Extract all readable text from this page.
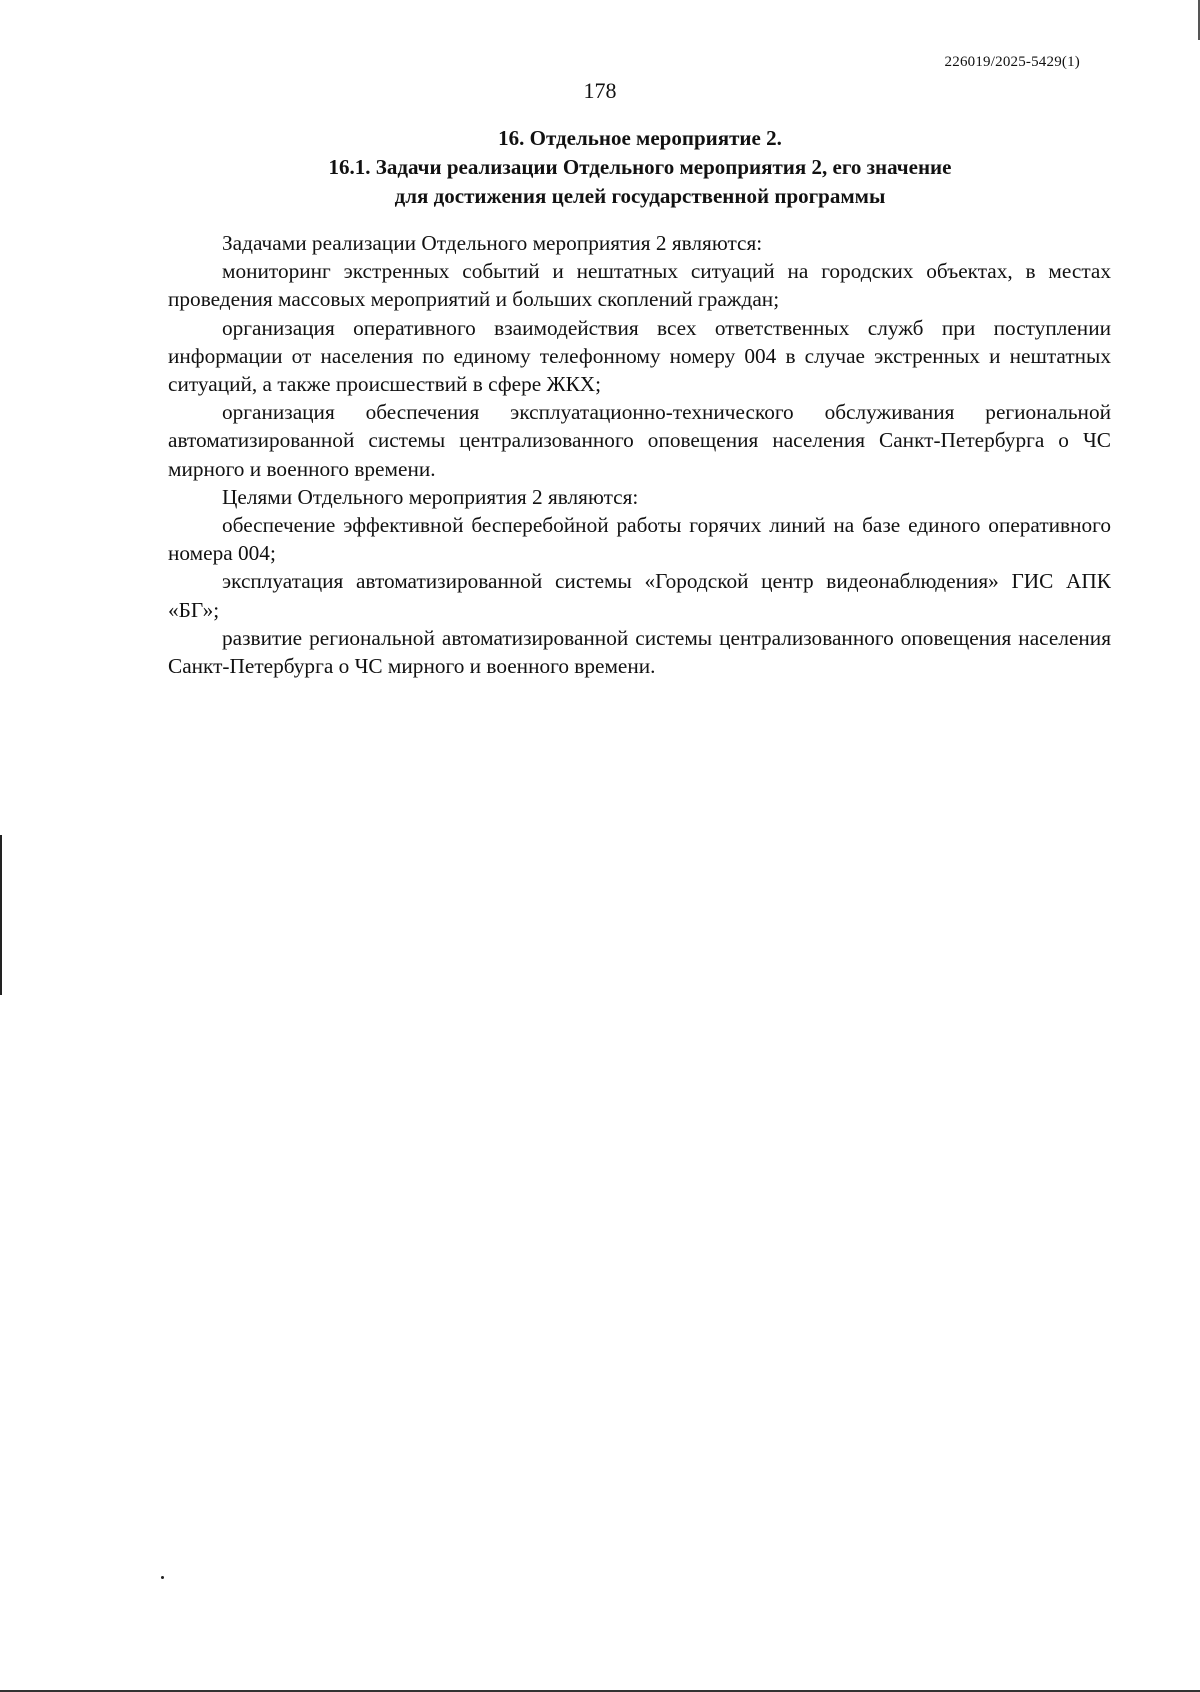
226019/2025-5429(1)
178
16. Отдельное мероприятие 2.
16.1. Задачи реализации Отдельного мероприятия 2, его значение
для достижения целей государственной программы

Задачами реализации Отдельного мероприятия 2 являются:

мониторинг экстренных событий и нештатных ситуаций на городских объектах, в местах проведения массовых мероприятий и больших скоплений граждан;

организация оперативного взаимодействия всех ответственных служб при поступлении информации от населения по единому телефонному номеру 004 в случае экстренных и нештатных ситуаций, а также происшествий в сфере ЖКХ;

организация обеспечения эксплуатационно-технического обслуживания региональной автоматизированной системы централизованного оповещения населения Санкт-Петербурга о ЧС мирного и военного времени.

Целями Отдельного мероприятия 2 являются:

обеспечение эффективной бесперебойной работы горячих линий на базе единого оперативного номера 004;

эксплуатация автоматизированной системы «Городской центр видеонаблюдения» ГИС АПК «БГ»;

развитие региональной автоматизированной системы централизованного оповещения населения Санкт-Петербурга о ЧС мирного и военного времени.
